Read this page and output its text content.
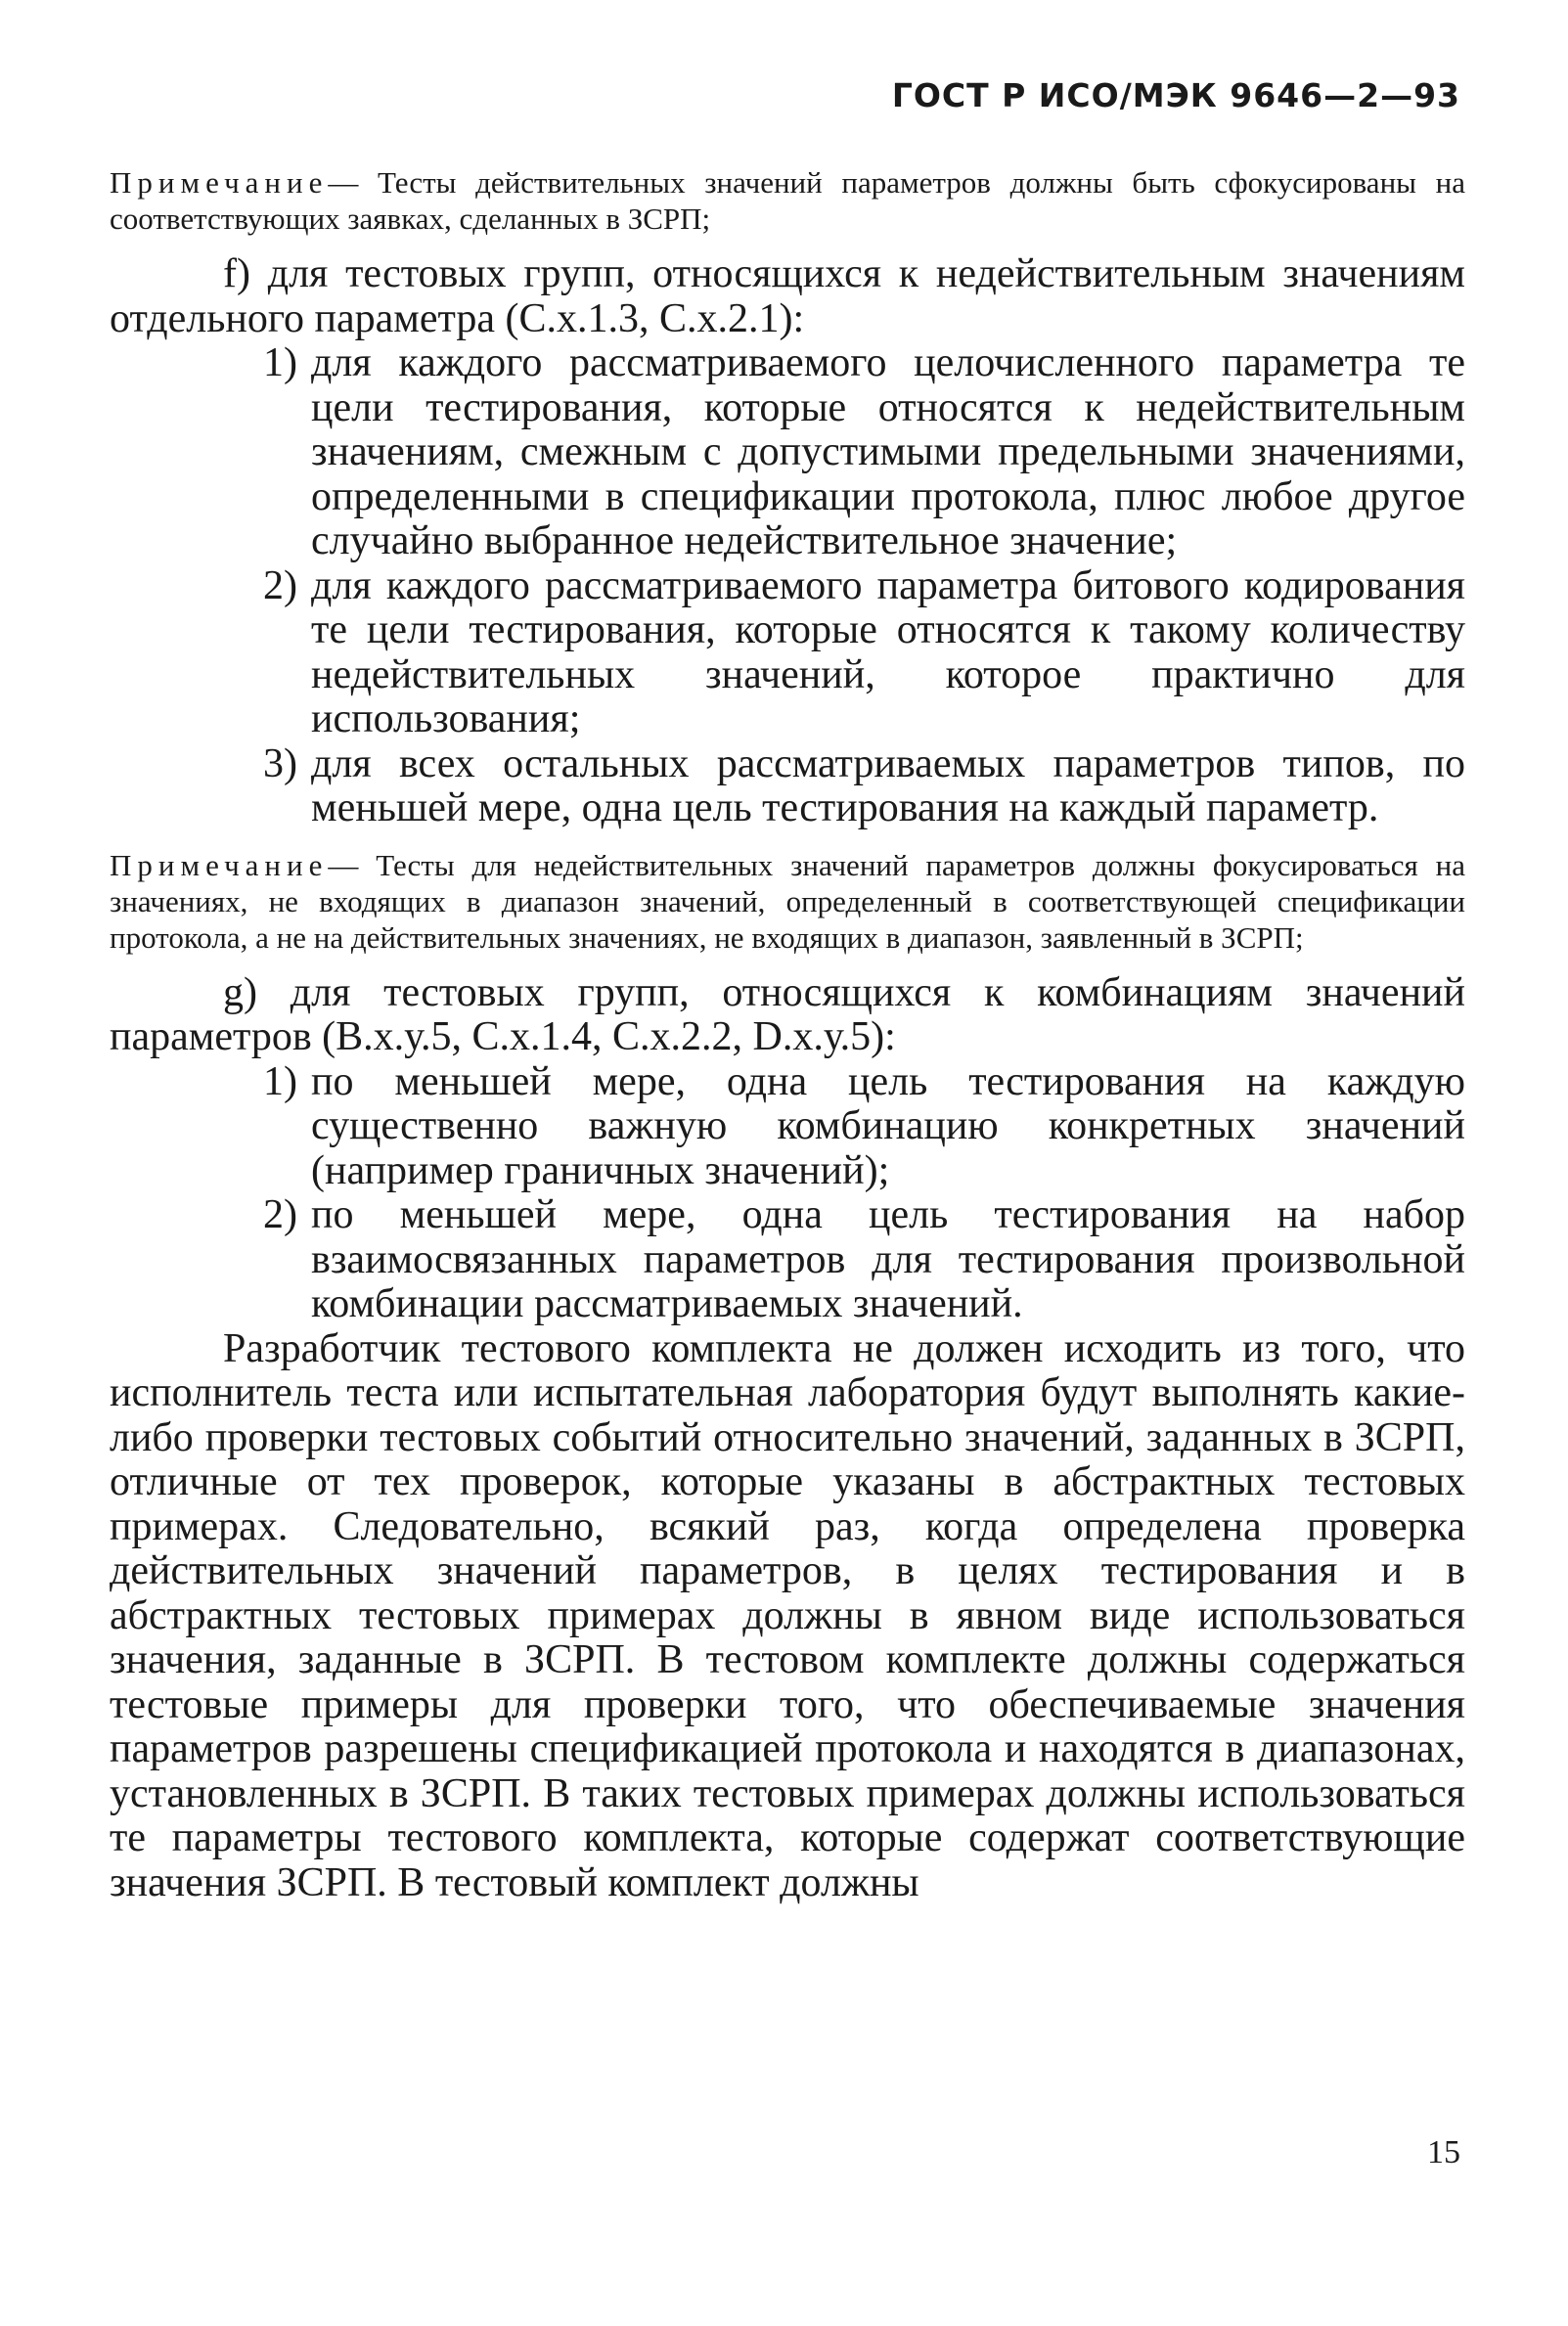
ГОСТ Р ИСО/МЭК 9646—2—93

Примечание— Тесты действительных значений параметров должны быть сфокусированы на соответствующих заявках, сделанных в ЗСРП;

f) для тестовых групп, относящихся к недействительным значениям отдельного параметра (С.х.1.3, С.х.2.1):

1) для каждого рассматриваемого целочисленного параметра те цели тестирования, которые относятся к недействительным значениям, смежным с допустимыми предельными значениями, определенными в спецификации протокола, плюс любое другое случайно выбранное недействительное значение;
2) для каждого рассматриваемого параметра битового кодирования те цели тестирования, которые относятся к такому количеству недействительных значений, которое практично для использования;
3) для всех остальных рассматриваемых параметров типов, по меньшей мере, одна цель тестирования на каждый параметр.

Примечание— Тесты для недействительных значений параметров должны фокусироваться на значениях, не входящих в диапазон значений, определенный в соответствующей спецификации протокола, а не на действительных значениях, не входящих в диапазон, заявленный в ЗСРП;

g) для тестовых групп, относящихся к комбинациям значений параметров (В.х.у.5, С.х.1.4, С.х.2.2, D.х.у.5):

1) по меньшей мере, одна цель тестирования на каждую существенно важную комбинацию конкретных значений (например граничных значений);
2) по меньшей мере, одна цель тестирования на набор взаимосвязанных параметров для тестирования произвольной комбинации рассматриваемых значений.

Разработчик тестового комплекта не должен исходить из того, что исполнитель теста или испытательная лаборатория будут выполнять какие-либо проверки тестовых событий относительно значений, заданных в ЗСРП, отличные от тех проверок, которые указаны в абстрактных тестовых примерах. Следовательно, всякий раз, когда определена проверка действительных значений параметров, в целях тестирования и в абстрактных тестовых примерах должны в явном виде использоваться значения, заданные в ЗСРП. В тестовом комплекте должны содержаться тестовые примеры для проверки того, что обеспечиваемые значения параметров разрешены спецификацией протокола и находятся в диапазонах, установленных в ЗСРП. В таких тестовых примерах должны использоваться те параметры тестового комплекта, которые содержат соответствующие значения ЗСРП. В тестовый комплект должны

15
